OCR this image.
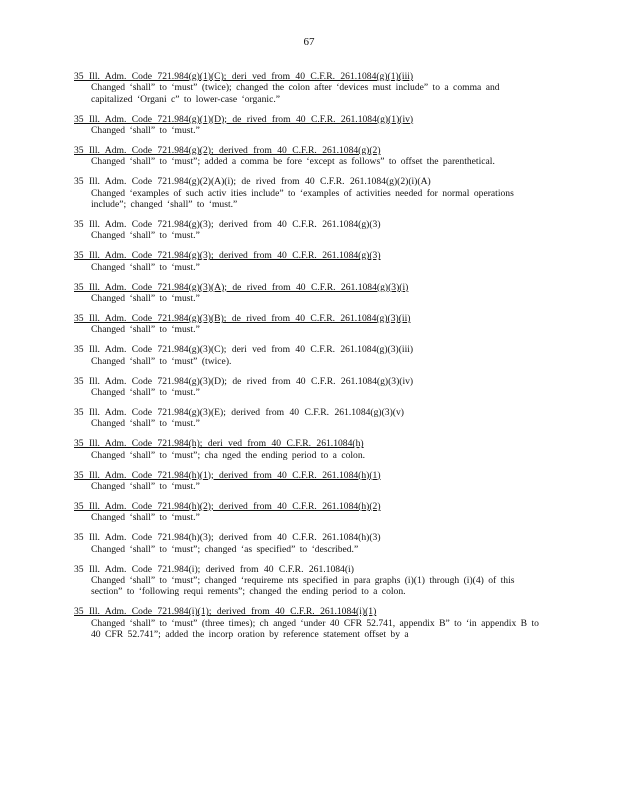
67
35 Ill. Adm. Code 721.984(g)(1)(C); deri ved from 40 C.F.R. 261.1084(g)(1)(iii)
Changed ‘shall” to ‘must” (twice); changed the colon after ‘devices must include” to a comma and capitalized ‘Organi c” to lower-case ‘organic.”
35 Ill. Adm. Code 721.984(g)(1)(D); de rived from 40 C.F.R. 261.1084(g)(1)(iv)
Changed ‘shall” to ‘must.”
35 Ill. Adm. Code 721.984(g)(2); derived from 40 C.F.R. 261.1084(g)(2)
Changed ‘shall” to ‘must”; added a comma be fore ‘except as follows” to offset the parenthetical.
35 Ill. Adm. Code 721.984(g)(2)(A)(i); de rived from 40 C.F.R. 261.1084(g)(2)(i)(A)
Changed ‘examples of such activ ities include” to ‘examples of activities needed for normal operations include”; changed ‘shall” to ‘must.”
35 Ill. Adm. Code 721.984(g)(3); derived from 40 C.F.R. 261.1084(g)(3)
Changed ‘shall” to ‘must.”
35 Ill. Adm. Code 721.984(g)(3); derived from 40 C.F.R. 261.1084(g)(3)
Changed ‘shall” to ‘must.”
35 Ill. Adm. Code 721.984(g)(3)(A); de rived from 40 C.F.R. 261.1084(g)(3)(i)
Changed ‘shall” to ‘must.”
35 Ill. Adm. Code 721.984(g)(3)(B); de rived from 40 C.F.R. 261.1084(g)(3)(ii)
Changed ‘shall” to ‘must.”
35 Ill. Adm. Code 721.984(g)(3)(C); deri ved from 40 C.F.R. 261.1084(g)(3)(iii)
Changed ‘shall” to ‘must” (twice).
35 Ill. Adm. Code 721.984(g)(3)(D); de rived from 40 C.F.R. 261.1084(g)(3)(iv)
Changed ‘shall” to ‘must.”
35 Ill. Adm. Code 721.984(g)(3)(E); derived from 40 C.F.R. 261.1084(g)(3)(v)
Changed ‘shall” to ‘must.”
35 Ill. Adm. Code 721.984(h); deri ved from 40 C.F.R. 261.1084(h)
Changed ‘shall” to ‘must”; cha nged the ending period to a colon.
35 Ill. Adm. Code 721.984(h)(1); derived from 40 C.F.R. 261.1084(h)(1)
Changed ‘shall” to ‘must.”
35 Ill. Adm. Code 721.984(h)(2); derived from 40 C.F.R. 261.1084(h)(2)
Changed ‘shall” to ‘must.”
35 Ill. Adm. Code 721.984(h)(3); derived from 40 C.F.R. 261.1084(h)(3)
Changed ‘shall” to ‘must”; changed ‘as specified” to ‘described.”
35 Ill. Adm. Code 721.984(i); derived from 40 C.F.R. 261.1084(i)
Changed ‘shall” to ‘must”; changed ‘requireme nts specified in para graphs (i)(1) through (i)(4) of this section” to ‘following requi rements”; changed the ending period to a colon.
35 Ill. Adm. Code 721.984(i)(1); derived from 40 C.F.R. 261.1084(i)(1)
Changed ‘shall” to ‘must” (three times); ch anged ‘under 40 CFR 52.741, appendix B” to ‘in appendix B to 40 CFR 52.741”; added the incorp oration by reference statement offset by a
